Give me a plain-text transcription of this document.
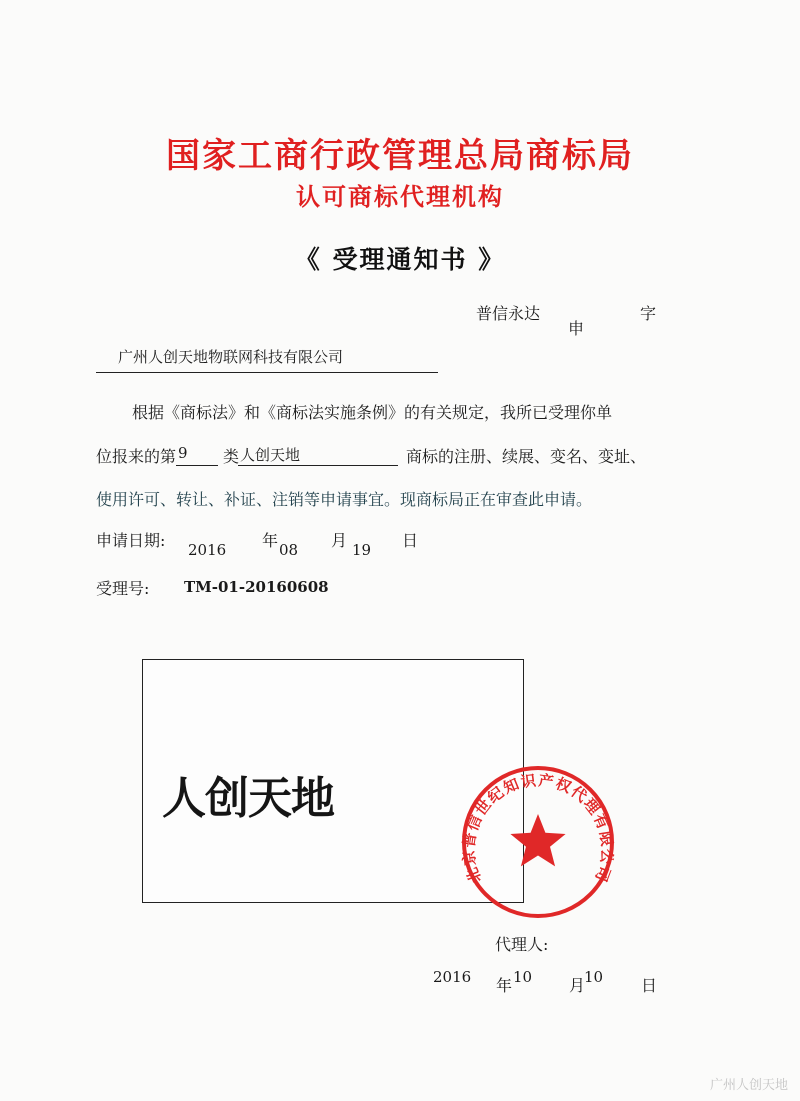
国家工商行政管理总局商标局
认可商标代理机构
《 受理通知书 》
普信永达
申
字
广州人创天地物联网科技有限公司
根据《商标法》和《商标法实施条例》的有关规定，我所已受理你单
位报来的第 9 类 人创天地	商标的注册、续展、变名、变址、
使用许可、转让、补证、注销等申请事宜。现商标局正在审查此申请。
申请日期: 2016 年 08 月 19 日
受理号: TM-01-20160608
人创天地
北京普信世纪知识产权代理有限公司
代理人:
2016 年 10 月
10 日
广州人创天地
